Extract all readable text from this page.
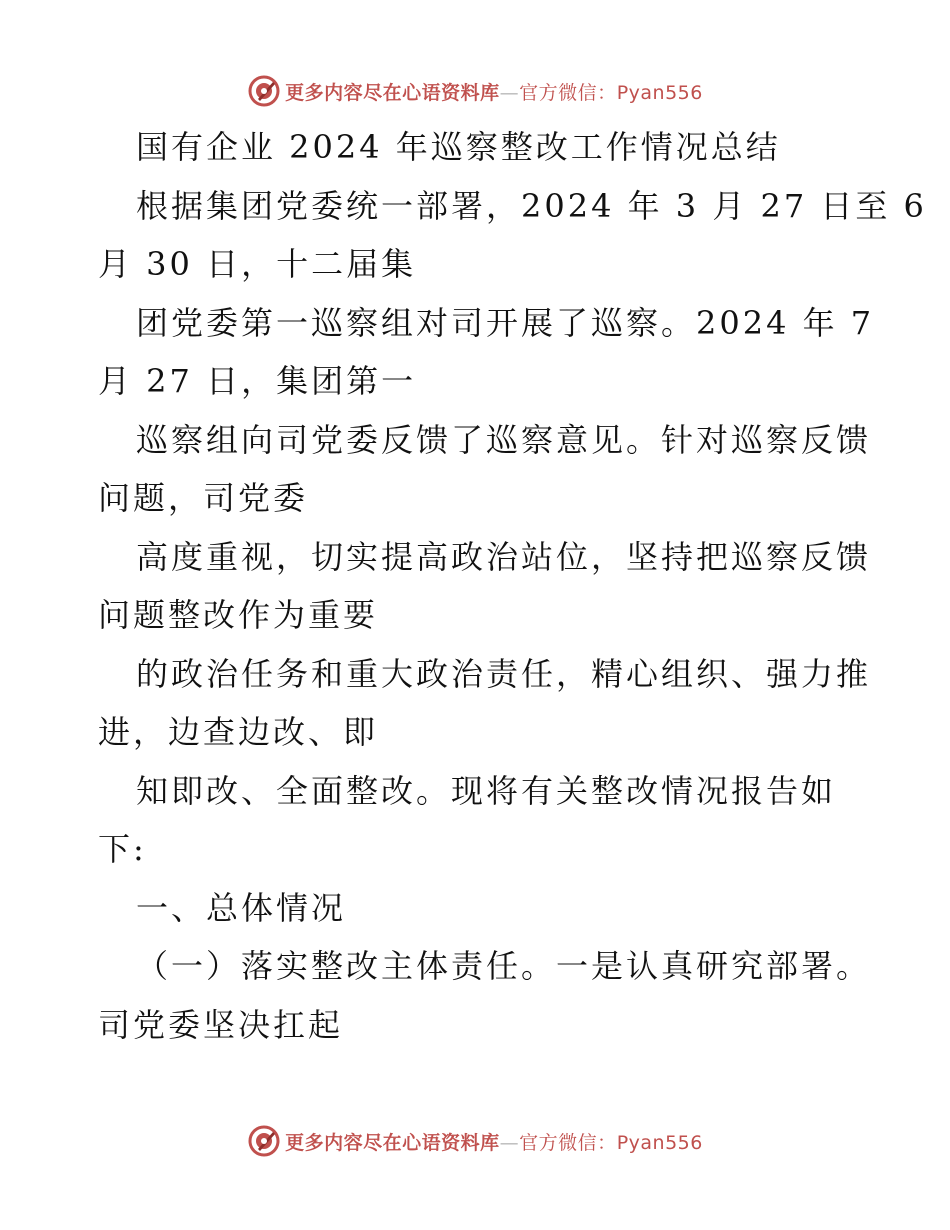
更多内容尽在心语资料库—官方微信：Pyan556
国有企业 2024 年巡察整改工作情况总结
根据集团党委统一部署，2024 年 3 月 27 日至 6
月 30 日，十二届集
团党委第一巡察组对司开展了巡察。2024 年 7
月 27 日，集团第一
巡察组向司党委反馈了巡察意见。针对巡察反馈
问题，司党委
高度重视，切实提高政治站位，坚持把巡察反馈
问题整改作为重要
的政治任务和重大政治责任，精心组织、强力推
进，边查边改、即
知即改、全面整改。现将有关整改情况报告如
下:
一、总体情况
（一）落实整改主体责任。一是认真研究部署。
司党委坚决扛起
更多内容尽在心语资料库—官方微信：Pyan556
